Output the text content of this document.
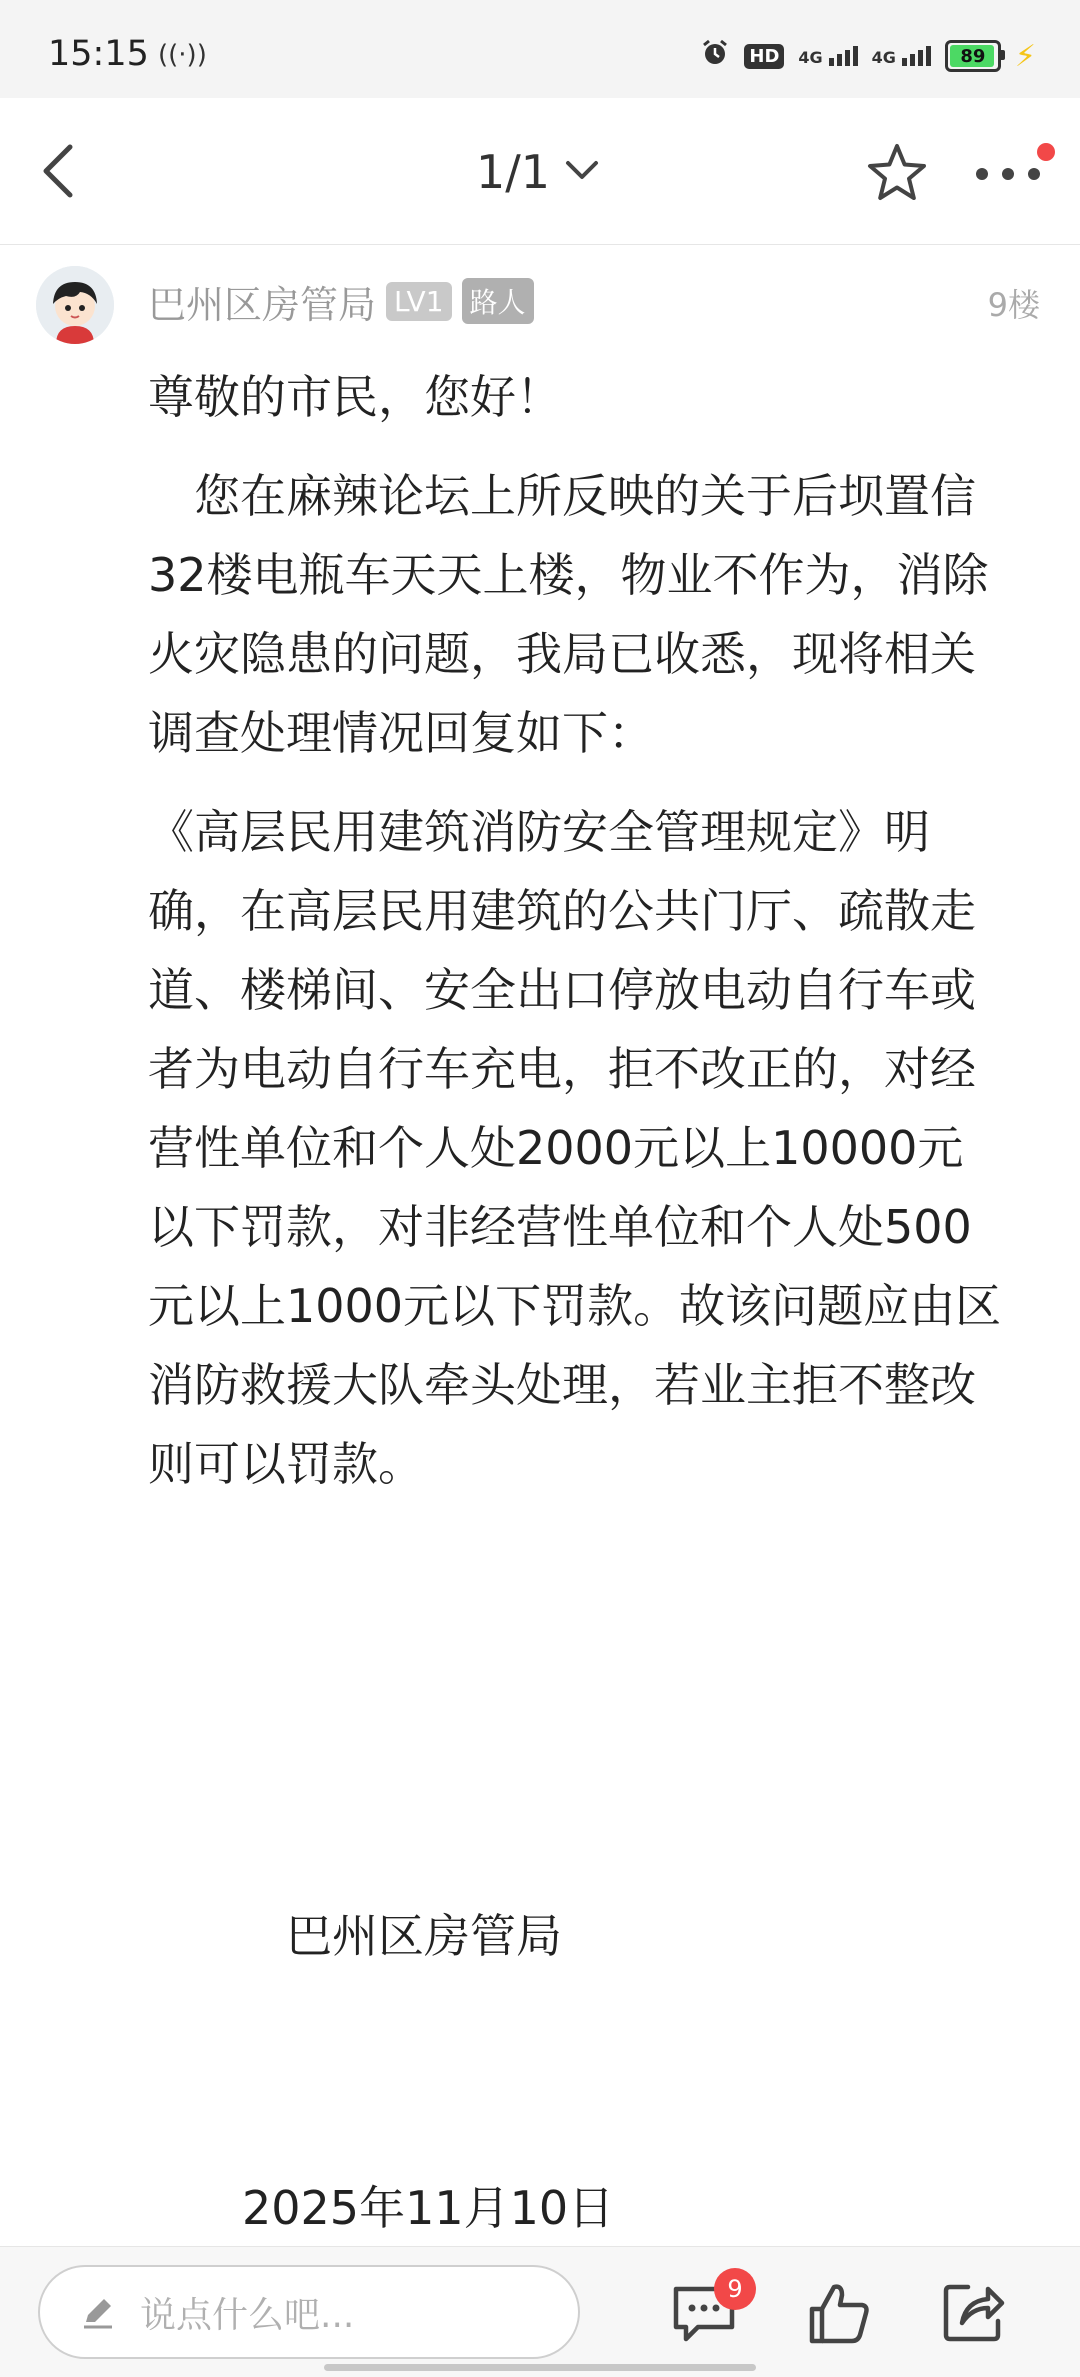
15:15 ((·))	HD	4G	4G	89 ⚡
1/1
巴州区房管局 LV1 路人	9楼

尊敬的市民，您好！

　您在麻辣论坛上所反映的关于后坝置信32楼电瓶车天天上楼，物业不作为，消除火灾隐患的问题，我局已收悉，现将相关调查处理情况回复如下：

《高层民用建筑消防安全管理规定》明确，在高层民用建筑的公共门厅、疏散走道、楼梯间、安全出口停放电动自行车或者为电动自行车充电，拒不改正的，对经营性单位和个人处2000元以上10000元以下罚款，对非经营性单位和个人处500元以上1000元以下罚款。故该问题应由区消防救援大队牵头处理，若业主拒不整改则可以罚款。

巴州区房管局
2025年11月10日
说点什么吧...
9
